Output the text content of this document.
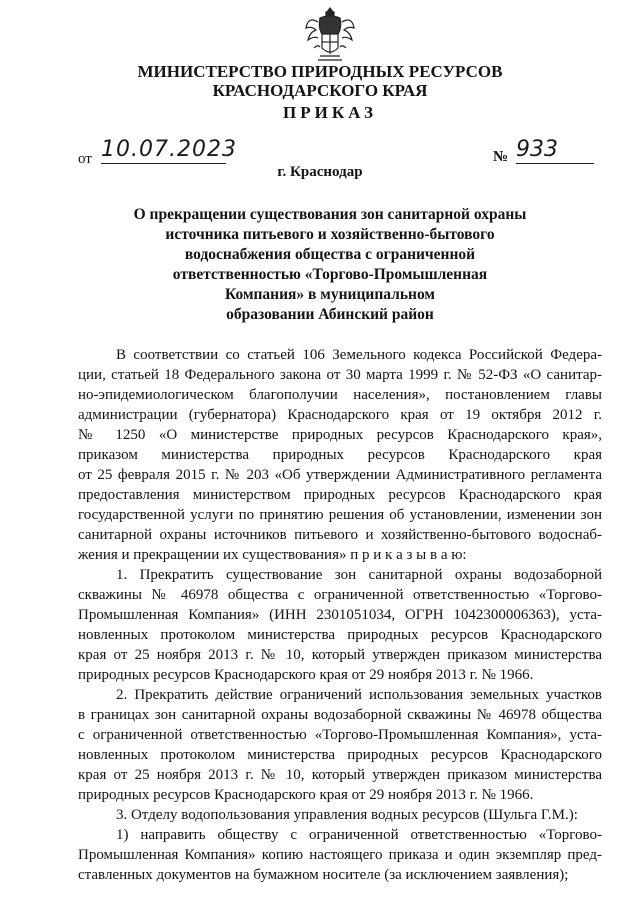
МИНИСТЕРСТВО ПРИРОДНЫХ РЕСУРСОВ
КРАСНОДАРСКОГО КРАЯ
ПРИКАЗ
от 10.07.2023	№ 933
г. Краснодар
О прекращении существования зон санитарной охраны
источника питьевого и хозяйственно-бытового
водоснабжения общества с ограниченной
ответственностью «Торгово-Промышленная
Компания» в муниципальном
образовании Абинский район
В соответствии со статьей 106 Земельного кодекса Российской Федера-
ции, статьей 18 Федерального закона от 30 марта 1999 г. № 52-ФЗ «О санитар-
но-эпидемиологическом благополучии населения», постановлением главы
администрации (губернатора) Краснодарского края от 19 октября 2012 г.
№ 1250 «О министерстве природных ресурсов Краснодарского края»,
приказом министерства природных ресурсов Краснодарского края
от 25 февраля 2015 г. № 203 «Об утверждении Административного регламента
предоставления министерством природных ресурсов Краснодарского края
государственной услуги по принятию решения об установлении, изменении зон
санитарной охраны источников питьевого и хозяйственно-бытового водоснаб-
жения и прекращении их существования» п р и к а з ы в а ю:
1. Прекратить существование зон санитарной охраны водозаборной
скважины № 46978 общества с ограниченной ответственностью «Торгово-
Промышленная Компания» (ИНН 2301051034, ОГРН 1042300006363), уста-
новленных протоколом министерства природных ресурсов Краснодарского
края от 25 ноября 2013 г. № 10, который утвержден приказом министерства
природных ресурсов Краснодарского края от 29 ноября 2013 г. № 1966.
2. Прекратить действие ограничений использования земельных участков
в границах зон санитарной охраны водозаборной скважины № 46978 общества
с ограниченной ответственностью «Торгово-Промышленная Компания», уста-
новленных протоколом министерства природных ресурсов Краснодарского
края от 25 ноября 2013 г. № 10, который утвержден приказом министерства
природных ресурсов Краснодарского края от 29 ноября 2013 г. № 1966.
3. Отделу водопользования управления водных ресурсов (Шульга Г.М.):
1) направить обществу с ограниченной ответственностью «Торгово-
Промышленная Компания» копию настоящего приказа и один экземпляр пред-
ставленных документов на бумажном носителе (за исключением заявления);
